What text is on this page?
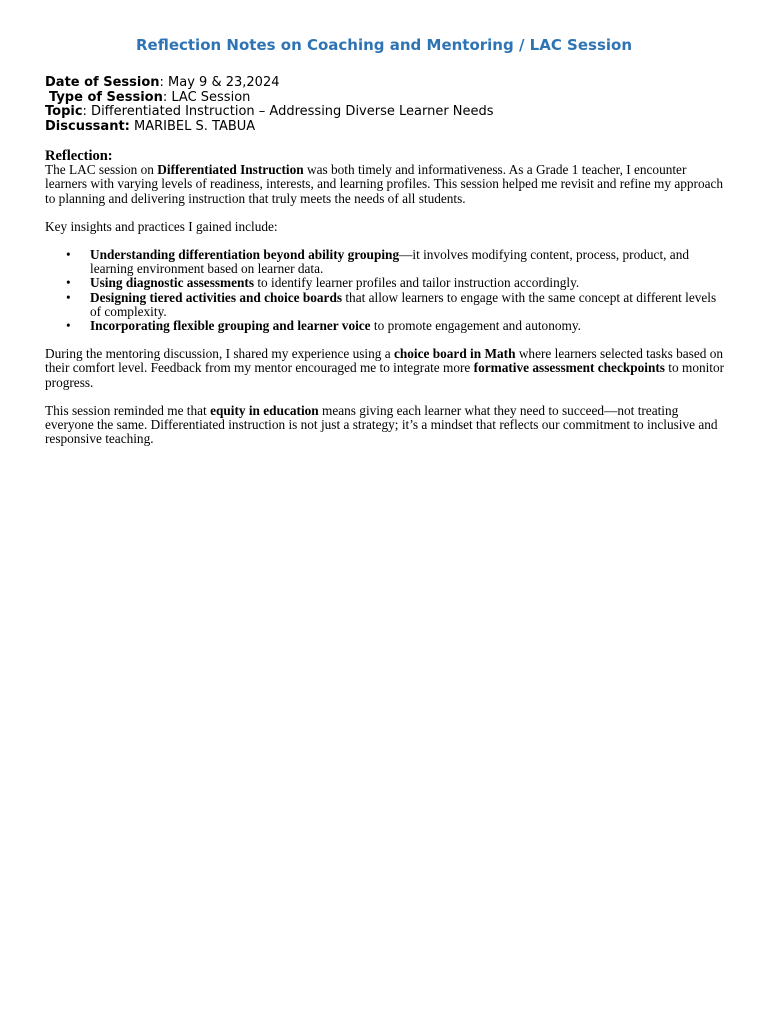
Reflection Notes on Coaching and Mentoring / LAC Session
Date of Session: May 9 & 23,2024
Type of Session: LAC Session
Topic: Differentiated Instruction – Addressing Diverse Learner Needs
Discussant: MARIBEL S. TABUA

Reflection:

The LAC session on Differentiated Instruction was both timely and informativeness. As a Grade 1 teacher, I encounter learners with varying levels of readiness, interests, and learning profiles. This session helped me revisit and refine my approach to planning and delivering instruction that truly meets the needs of all students.

Key insights and practices I gained include:

• Understanding differentiation beyond ability grouping—it involves modifying content, process, product, and learning environment based on learner data.
• Using diagnostic assessments to identify learner profiles and tailor instruction accordingly.
• Designing tiered activities and choice boards that allow learners to engage with the same concept at different levels of complexity.
• Incorporating flexible grouping and learner voice to promote engagement and autonomy.

During the mentoring discussion, I shared my experience using a choice board in Math where learners selected tasks based on their comfort level. Feedback from my mentor encouraged me to integrate more formative assessment checkpoints to monitor progress.

This session reminded me that equity in education means giving each learner what they need to succeed—not treating everyone the same. Differentiated instruction is not just a strategy; it’s a mindset that reflects our commitment to inclusive and responsive teaching.
